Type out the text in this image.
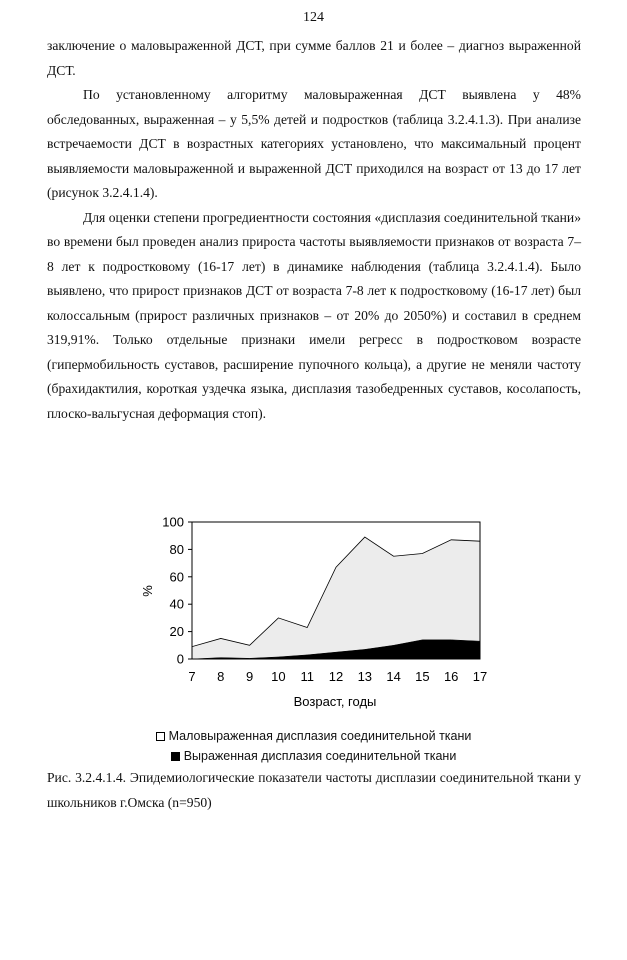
124

заключение о маловыраженной ДСТ, при сумме баллов 21 и более – диагноз выраженной ДСТ.

По установленному алгоритму маловыраженная ДСТ выявлена у 48% обследованных, выраженная – у 5,5% детей и подростков (таблица 3.2.4.1.3). При анализе встречаемости ДСТ в возрастных категориях установлено, что максимальный процент выявляемости маловыраженной и выраженной ДСТ приходился на возраст от 13 до 17 лет (рисунок 3.2.4.1.4).

Для оценки степени прогредиентности состояния «дисплазия соединительной ткани» во времени был проведен анализ прироста частоты выявляемости признаков от возраста 7–8 лет к подростковому (16-17 лет) в динамике наблюдения (таблица 3.2.4.1.4). Было выявлено, что прирост признаков ДСТ от возраста 7-8 лет к подростковому (16-17 лет) был колоссальным (прирост различных признаков – от 20% до 2050%) и составил в среднем 319,91%. Только отдельные признаки имели регресс в подростковом возрасте (гипермобильность суставов, расширение пупочного кольца), а другие не меняли частоту (брахидактилия, короткая уздечка языка, дисплазия тазобедренных суставов, косолапость, плоско-вальгусная деформация стоп).

0
20
40
60
80
100
7 8 9 10 11 12 13 14 15 16 17
%
Возраст, годы
Маловыраженная дисплазия соединительной ткани
Выраженная дисплазия соединительной ткани

Рис. 3.2.4.1.4. Эпидемиологические показатели частоты дисплазии соединительной ткани у школьников г.Омска (n=950)
